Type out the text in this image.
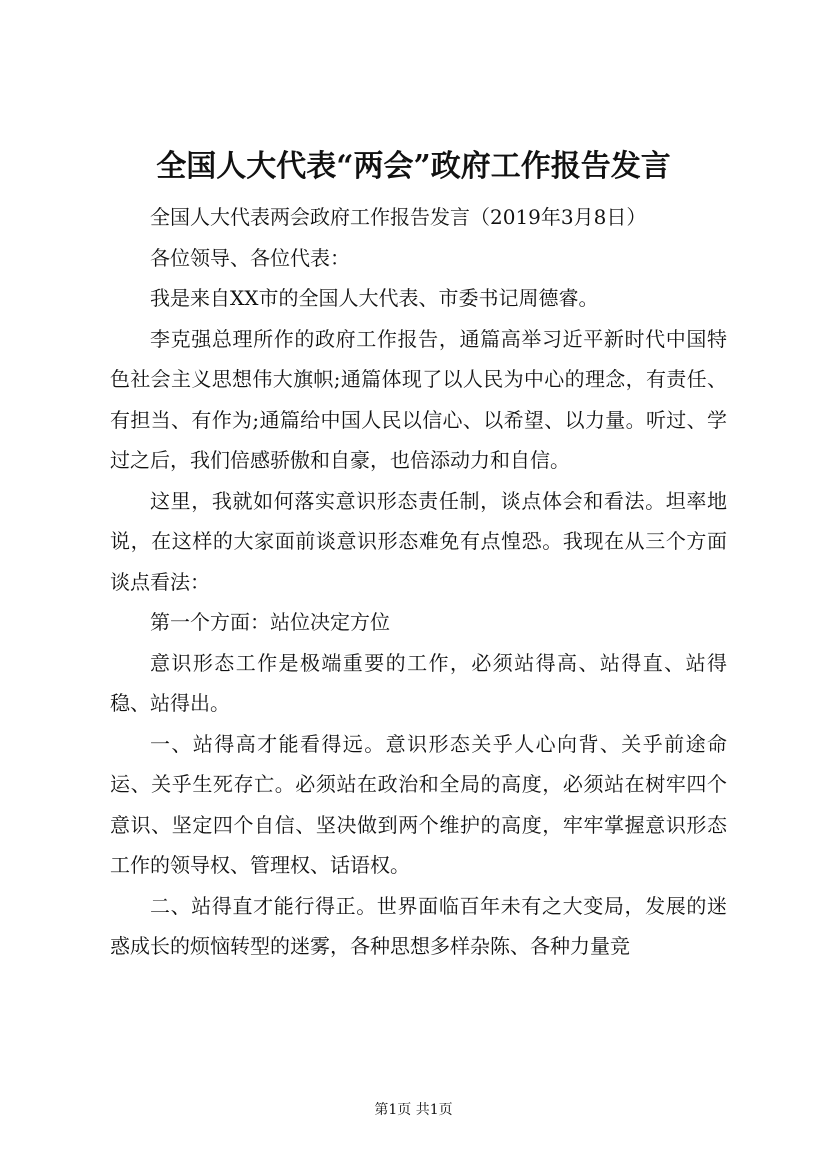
全国人大代表“两会”政府工作报告发言

全国人大代表两会政府工作报告发言（2019年3月8日）

各位领导、各位代表：

我是来自XX市的全国人大代表、市委书记周德睿。

李克强总理所作的政府工作报告，通篇高举习近平新时代中国特色社会主义思想伟大旗帜;通篇体现了以人民为中心的理念，有责任、有担当、有作为;通篇给中国人民以信心、以希望、以力量。听过、学过之后，我们倍感骄傲和自豪，也倍添动力和自信。

这里，我就如何落实意识形态责任制，谈点体会和看法。坦率地说，在这样的大家面前谈意识形态难免有点惶恐。我现在从三个方面谈点看法：

第一个方面：站位决定方位

意识形态工作是极端重要的工作，必须站得高、站得直、站得稳、站得出。

一、站得高才能看得远。意识形态关乎人心向背、关乎前途命运、关乎生死存亡。必须站在政治和全局的高度，必须站在树牢四个意识、坚定四个自信、坚决做到两个维护的高度，牢牢掌握意识形态工作的领导权、管理权、话语权。

二、站得直才能行得正。世界面临百年未有之大变局，发展的迷惑成长的烦恼转型的迷雾，各种思想多样杂陈、各种力量竞

第1页 共1页
